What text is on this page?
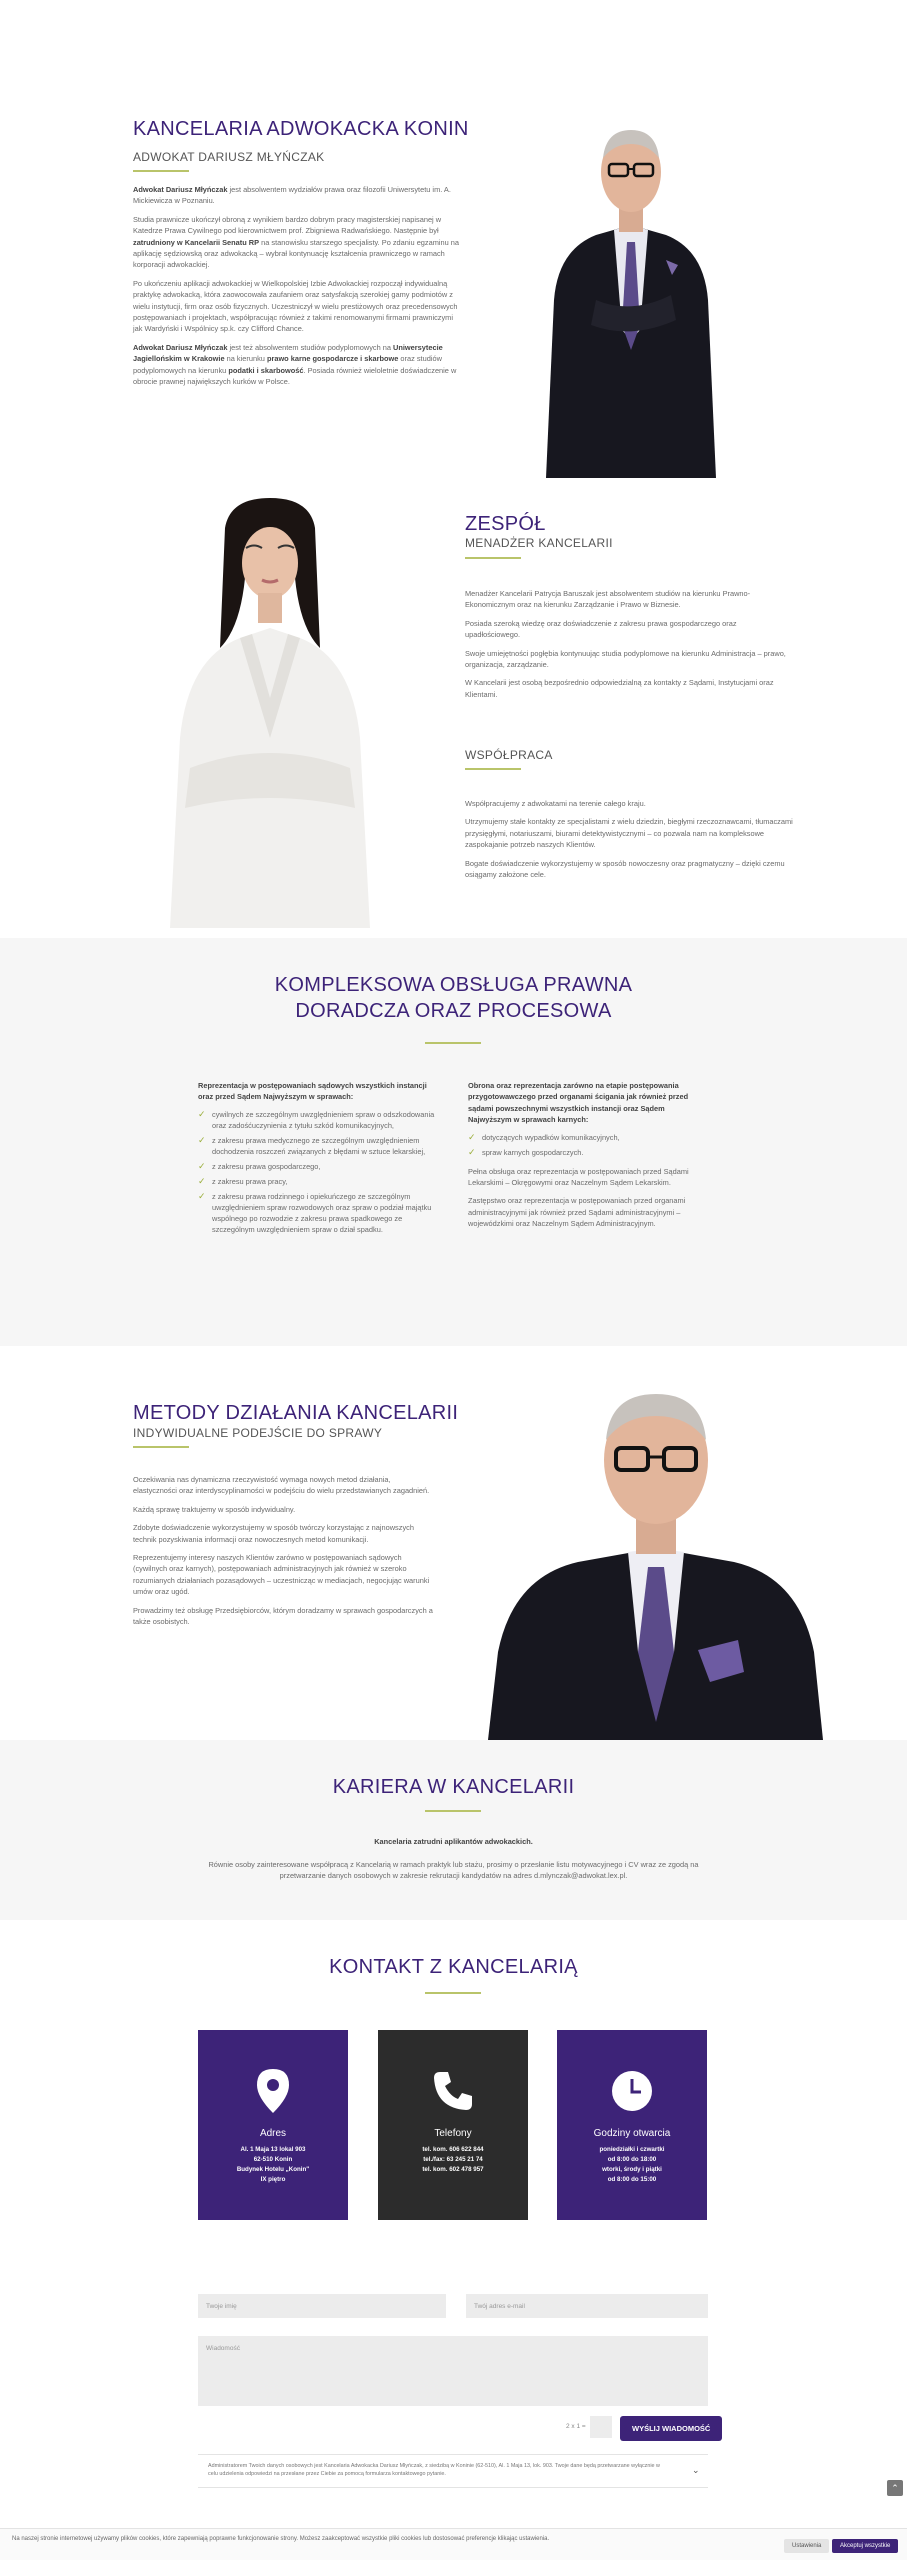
KANCELARIA ADWOKACKA KONIN
ADWOKAT DARIUSZ MŁYŃCZAK

Adwokat Dariusz Młyńczak jest absolwentem wydziałów prawa oraz filozofii Uniwersytetu im. A. Mickiewicza w Poznaniu.

Studia prawnicze ukończył obroną z wynikiem bardzo dobrym pracy magisterskiej napisanej w Katedrze Prawa Cywilnego pod kierownictwem prof. Zbigniewa Radwańskiego. Następnie był zatrudniony w Kancelarii Senatu RP na stanowisku starszego specjalisty. Po zdaniu egzaminu na aplikację sędziowską oraz adwokacką – wybrał kontynuację kształcenia prawniczego w ramach korporacji adwokackiej.

Po ukończeniu aplikacji adwokackiej w Wielkopolskiej Izbie Adwokackiej rozpoczął indywidualną praktykę adwokacką, która zaowocowała zaufaniem oraz satysfakcją szerokiej gamy podmiotów z wielu instytucji, firm oraz osób fizycznych. Uczestniczył w wielu prestiżowych oraz precedensowych postępowaniach i projektach, współpracując również z takimi renomowanymi firmami prawniczymi jak Wardyński i Wspólnicy sp.k. czy Clifford Chance.

Adwokat Dariusz Młyńczak jest też absolwentem studiów podyplomowych na Uniwersytecie Jagiellońskim w Krakowie na kierunku prawo karne gospodarcze i skarbowe oraz studiów podyplomowych na kierunku podatki i skarbowość. Posiada również wieloletnie doświadczenie w obrocie prawnej największych kurków w Polsce.

ZESPÓŁ
MENADŻER KANCELARII

Menadżer Kancelarii Patrycja Baruszak jest absolwentem studiów na kierunku Prawno-Ekonomicznym oraz na kierunku Zarządzanie i Prawo w Biznesie.

Posiada szeroką wiedzę oraz doświadczenie z zakresu prawa gospodarczego oraz upadłościowego.

Swoje umiejętności pogłębia kontynuując studia podyplomowe na kierunku Administracja – prawo, organizacja, zarządzanie.

W Kancelarii jest osobą bezpośrednio odpowiedzialną za kontakty z Sądami, Instytucjami oraz Klientami.

WSPÓŁPRACA

Współpracujemy z adwokatami na terenie całego kraju.

Utrzymujemy stałe kontakty ze specjalistami z wielu dziedzin, biegłymi rzeczoznawcami, tłumaczami przysięgłymi, notariuszami, biurami detektywistycznymi – co pozwala nam na kompleksowe zaspokajanie potrzeb naszych Klientów.

Bogate doświadczenie wykorzystujemy w sposób nowoczesny oraz pragmatyczny – dzięki czemu osiągamy założone cele.

KOMPLEKSOWA OBSŁUGA PRAWNA
DORADCZA ORAZ PROCESOWA

Reprezentacja w postępowaniach sądowych wszystkich instancji oraz przed Sądem Najwyższym w sprawach:

✓ cywilnych ze szczególnym uwzględnieniem spraw o odszkodowania oraz zadośćuczynienia z tytułu szkód komunikacyjnych,
✓ z zakresu prawa medycznego ze szczególnym uwzględnieniem dochodzenia roszczeń związanych z błędami w sztuce lekarskiej,
✓ z zakresu prawa gospodarczego,
✓ z zakresu prawa pracy,
✓ z zakresu prawa rodzinnego i opiekuńczego ze szczególnym uwzględnieniem spraw rozwodowych oraz spraw o podział majątku wspólnego po rozwodzie z zakresu prawa spadkowego ze szczególnym uwzględnieniem spraw o dział spadku.

Obrona oraz reprezentacja zarówno na etapie postępowania przygotowawczego przed organami ścigania jak również przed sądami powszechnymi wszystkich instancji oraz Sądem Najwyższym w sprawach karnych:

✓ dotyczących wypadków komunikacyjnych,
✓ spraw karnych gospodarczych.

Pełna obsługa oraz reprezentacja w postępowaniach przed Sądami Lekarskimi – Okręgowymi oraz Naczelnym Sądem Lekarskim.

Zastępstwo oraz reprezentacja w postępowaniach przed organami administracyjnymi jak również przed Sądami administracyjnymi – wojewódzkimi oraz Naczelnym Sądem Administracyjnym.

METODY DZIAŁANIA KANCELARII
INDYWIDUALNE PODEJŚCIE DO SPRAWY

Oczekiwania nas dynamiczna rzeczywistość wymaga nowych metod działania, elastyczności oraz interdyscyplinarności w podejściu do wielu przedstawianych zagadnień.

Każdą sprawę traktujemy w sposób indywidualny.

Zdobyte doświadczenie wykorzystujemy w sposób twórczy korzystając z najnowszych technik pozyskiwania informacji oraz nowoczesnych metod komunikacji.

Reprezentujemy interesy naszych Klientów zarówno w postępowaniach sądowych (cywilnych oraz karnych), postępowaniach administracyjnych jak również w szeroko rozumianych działaniach pozasądowych – uczestnicząc w mediacjach, negocjując warunki umów oraz ugód.

Prowadzimy też obsługę Przedsiębiorców, którym doradzamy w sprawach gospodarczych a także osobistych.

KARIERA W KANCELARII

Kancelaria zatrudni aplikantów adwokackich.

Równie osoby zainteresowane współpracą z Kancelarią w ramach praktyk lub stażu, prosimy o przesłanie listu motywacyjnego i CV wraz ze zgodą na przetwarzanie danych osobowych w zakresie rekrutacji kandydatów na adres d.mlynczak@adwokat.lex.pl.

KONTAKT Z KANCELARIĄ
Adres
Al. 1 Maja 13 lokal 903
62-510 Konin
Budynek Hotelu „Konin"
IX piętro
Telefony
tel. kom. 606 622 844
tel./fax: 63 245 21 74
tel. kom. 602 478 957
Godziny otwarcia
poniedziałki i czwartki
od 8:00 do 18:00
wtorki, środy i piątki
od 8:00 do 15:00
Twoje imię	Twój adres e-mail
Wiadomość
2 x 1 =	WYŚLIJ WIADOMOŚĆ

Administratorem Twoich danych osobowych jest Kancelaria Adwokacka Dariusz Młyńczak, z siedzibą w Koninie (62-510), Al. 1 Maja 13, lok. 903. Twoje dane będą przetwarzane wyłącznie w celu udzielenia odpowiedzi na przesłane przez Ciebie za pomocą formularza kontaktowego pytanie.	⌄
⌃

Na naszej stronie internetowej używamy plików cookies, które zapewniają poprawne funkcjonowanie strony. Możesz zaakceptować wszystkie pliki cookies lub dostosować preferencje klikając ustawienia.

Ustawienia	Akceptuj wszystkie
